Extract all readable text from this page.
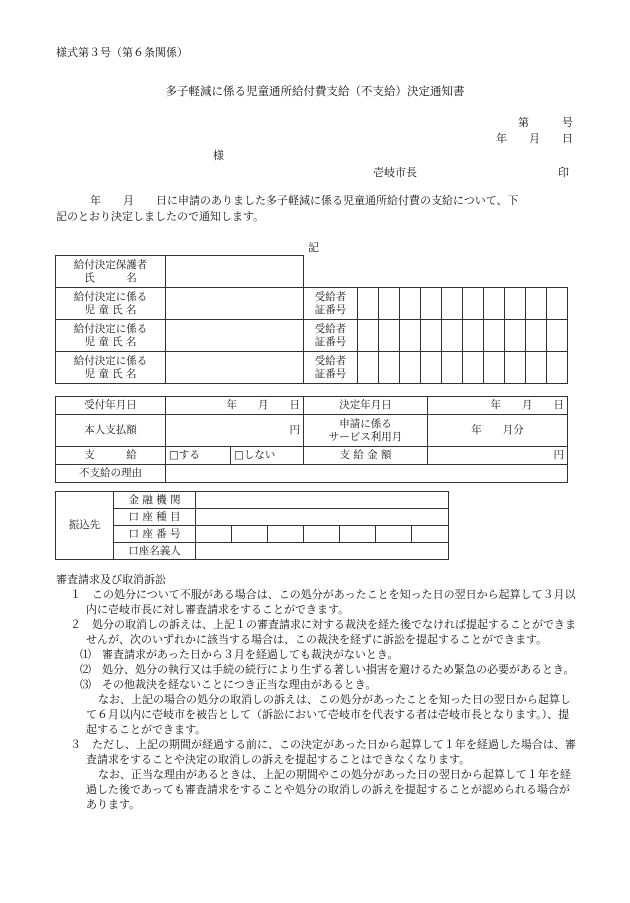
様式第３号（第６条関係）
多子軽減に係る児童通所給付費支給（不支給）決定通知書
第　　　号
年　　月　　日
様
壱岐市長	印
年　　月　　日に申請のありました多子軽減に係る児童通所給付費の支給について、下
記のとおり決定しましたので通知します。
記
給付決定保護者
氏　　　名												
給付決定に係る
児 童 氏 名		受給者
証番号										
給付決定に係る
児 童 氏 名		受給者
証番号										
給付決定に係る
児 童 氏 名		受給者
証番号										
受付年月日	年　　月　　日		決定年月日	年　　月　　日
本人支払額	円		申請に係る
サービス利用月	年　　月分
支　　　給	□する	□しない	支 給 金 額	円
不支給の理由				
振込先	金 融 機 関							
	口 座 種 目							
	口 座 番 号							
	口座名義人							

審査請求及び取消訴訟

１　この処分について不服がある場合は、この処分があったことを知った日の翌日から起算して３月以内に壱岐市長に対し審査請求をすることができます。

２　処分の取消しの訴えは、上記１の審査請求に対する裁決を経た後でなければ提起することができませんが、次のいずれかに該当する場合は、この裁決を経ずに訴訟を提起することができます。

⑴　審査請求があった日から３月を経過しても裁決がないとき。

⑵　処分、処分の執行又は手続の続行により生ずる著しい損害を避けるため緊急の必要があるとき。

⑶　その他裁決を経ないことにつき正当な理由があるとき。

なお、上記の場合の処分の取消しの訴えは、この処分があったことを知った日の翌日から起算して６月以内に壱岐市を被告として（訴訟において壱岐市を代表する者は壱岐市長となります。）、提起することができます。

３　ただし、上記の期間が経過する前に、この決定があった日から起算して１年を経過した場合は、審査請求をすることや決定の取消しの訴えを提起することはできなくなります。

なお、正当な理由があるときは、上記の期間やこの処分があった日の翌日から起算して１年を経過した後であっても審査請求をすることや処分の取消しの訴えを提起することが認められる場合があります。
